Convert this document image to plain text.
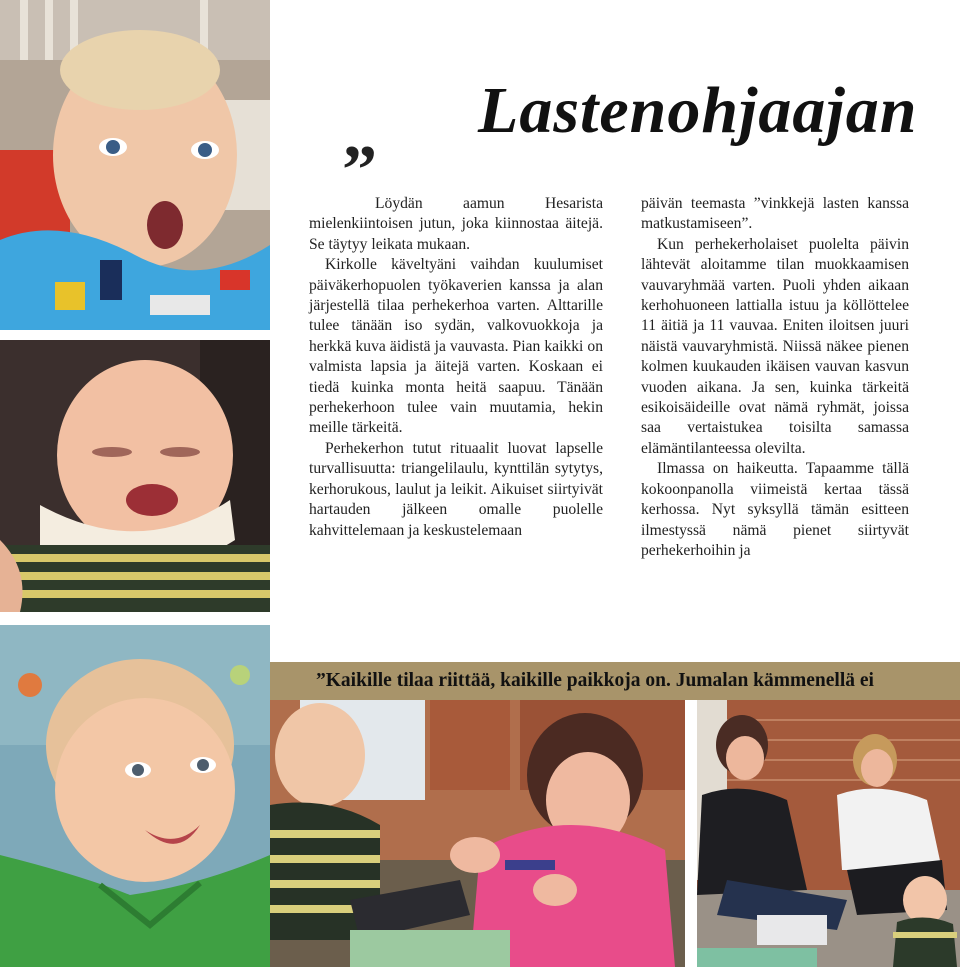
Lastenohjaajan
”

Löydän aamun Hesarista mielenkiintoisen jutun, joka kiinnostaa äitejä. Se täytyy leikata mukaan.

Kirkolle käveltyäni vaihdan kuulumiset päiväkerhopuolen työkaverien kanssa ja alan järjestellä tilaa perhekerhoa varten. Alttarille tulee tänään iso sydän, valkovuokkoja ja herkkä kuva äidistä ja vauvasta. Pian kaikki on valmista lapsia ja äitejä varten. Koskaan ei tiedä kuinka monta heitä saapuu. Tänään perhekerhoon tulee vain muutamia, hekin meille tärkeitä.

Perhekerhon tutut rituaalit luovat lapselle turvallisuutta: triangelilaulu, kynttilän sytytys, kerhorukous, laulut ja leikit. Aikuiset siirtyivät hartauden jälkeen omalle puolelle kahvittelemaan ja keskustelemaan

päivän teemasta ”vinkkejä lasten kanssa matkustamiseen”.

Kun perhekerholaiset puolelta päivin lähtevät aloitamme tilan muokkaamisen vauvaryhmää varten. Puoli yhden aikaan kerhohuoneen lattialla istuu ja köllöttelee 11 äitiä ja 11 vauvaa. Eniten iloitsen juuri näistä vauvaryhmistä. Niissä näkee pienen kolmen kuukauden ikäisen vauvan kasvun vuoden aikana. Ja sen, kuinka tärkeitä esikoisäideille ovat nämä ryhmät, joissa saa vertaistukea toisilta samassa elämäntilanteessa olevilta.

Ilmassa on haikeutta. Tapaamme tällä kokoonpanolla viimeistä kertaa tässä kerhossa. Nyt syksyllä tämän esitteen ilmestyssä nämä pienet siirtyvät perhekerhoihin ja

”Kaikille tilaa riittää, kaikille paikkoja on. Jumalan kämmenellä ei
